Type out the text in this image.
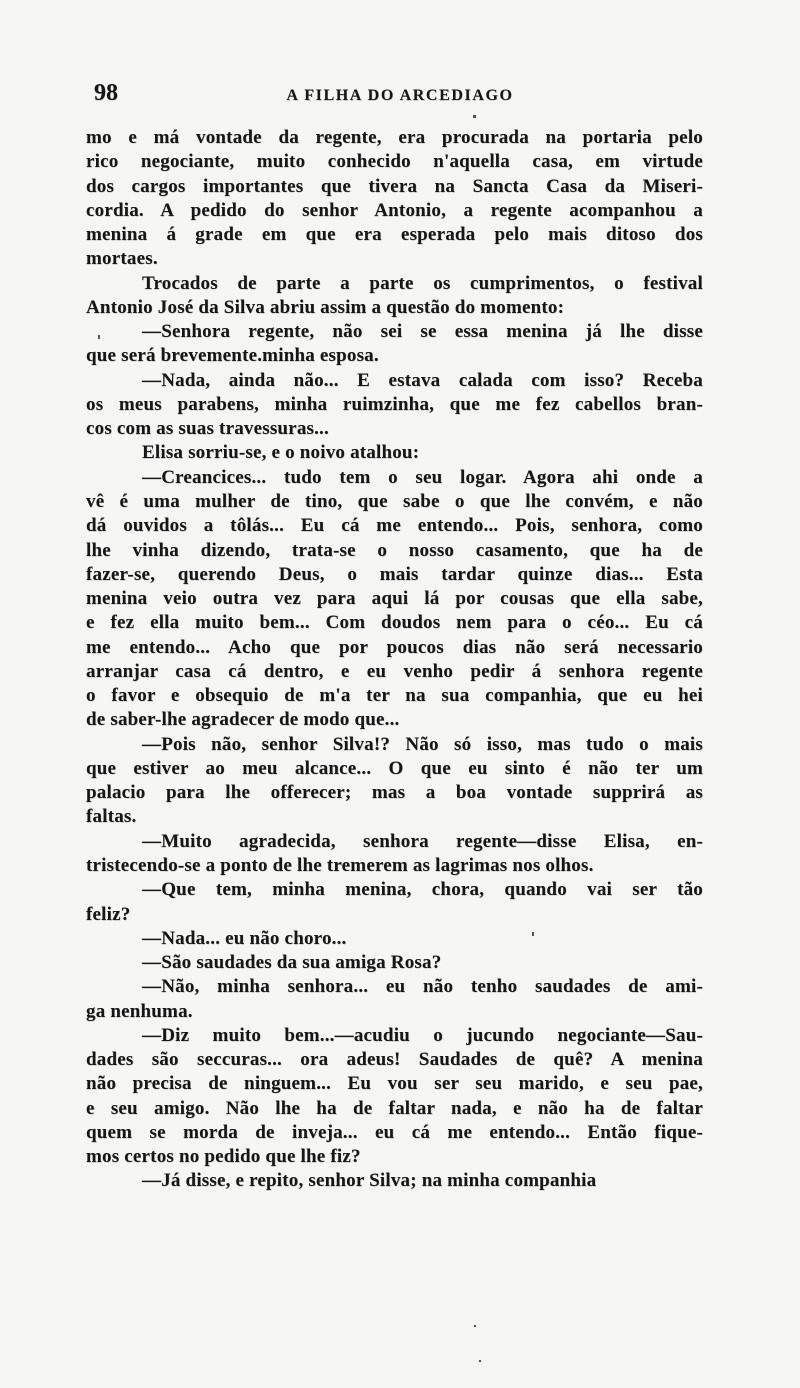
98	A FILHA DO ARCEDIAGO
mo e má vontade da regente, era procurada na portaria pelo
rico negociante, muito conhecido n'aquella casa, em virtude
dos cargos importantes que tivera na Sancta Casa da Miseri-
cordia. A pedido do senhor Antonio, a regente acompanhou a
menina á grade em que era esperada pelo mais ditoso dos
mortaes.
Trocados de parte a parte os cumprimentos, o festival
Antonio José da Silva abriu assim a questão do momento:
—Senhora regente, não sei se essa menina já lhe disse
que será brevemente.minha esposa.
—Nada, ainda não... E estava calada com isso? Receba
os meus parabens, minha ruimzinha, que me fez cabellos bran-
cos com as suas travessuras...
Elisa sorriu-se, e o noivo atalhou:
—Creancices... tudo tem o seu logar. Agora ahi onde a
vê é uma mulher de tino, que sabe o que lhe convém, e não
dá ouvidos a tôlás... Eu cá me entendo... Pois, senhora, como
lhe vinha dizendo, trata-se o nosso casamento, que ha de
fazer-se, querendo Deus, o mais tardar quinze dias... Esta
menina veio outra vez para aqui lá por cousas que ella sabe,
e fez ella muito bem... Com doudos nem para o céo... Eu cá
me entendo... Acho que por poucos dias não será necessario
arranjar casa cá dentro, e eu venho pedir á senhora regente
o favor e obsequio de m'a ter na sua companhia, que eu hei
de saber-lhe agradecer de modo que...
—Pois não, senhor Silva!? Não só isso, mas tudo o mais
que estiver ao meu alcance... O que eu sinto é não ter um
palacio para lhe offerecer; mas a boa vontade supprirá as
faltas.
—Muito agradecida, senhora regente—disse Elisa, en-
tristecendo-se a ponto de lhe tremerem as lagrimas nos olhos.
—Que tem, minha menina, chora, quando vai ser tão
feliz?
—Nada... eu não choro...
—São saudades da sua amiga Rosa?
—Não, minha senhora... eu não tenho saudades de ami-
ga nenhuma.
—Diz muito bem...—acudiu o jucundo negociante—Sau-
dades são seccuras... ora adeus! Saudades de quê? A menina
não precisa de ninguem... Eu vou ser seu marido, e seu pae,
e seu amigo. Não lhe ha de faltar nada, e não ha de faltar
quem se morda de inveja... eu cá me entendo... Então fique-
mos certos no pedido que lhe fiz?
—Já disse, e repito, senhor Silva; na minha companhia
